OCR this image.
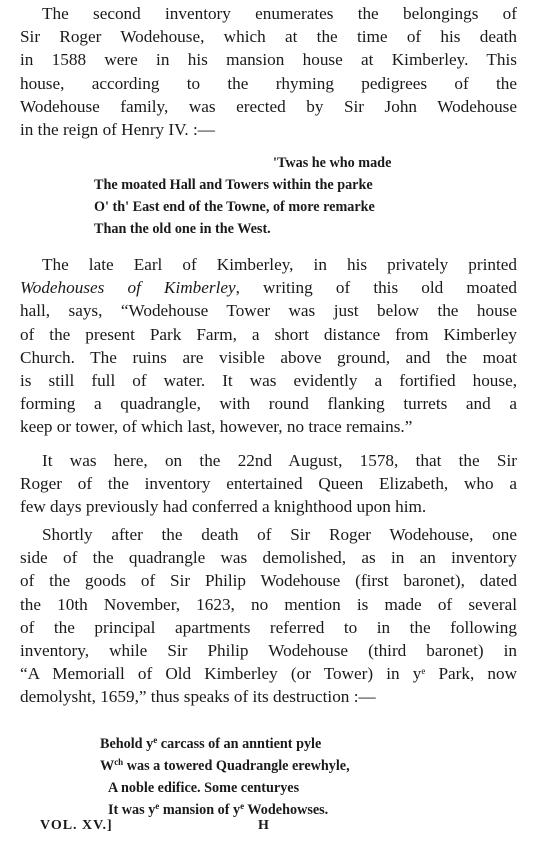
The second inventory enumerates the belongings of
Sir Roger Wodehouse, which at the time of his death
in 1588 were in his mansion house at Kimberley. This
house, according to the rhyming pedigrees of the
Wodehouse family, was erected by Sir John Wodehouse
in the reign of Henry IV. :—
'Twas he who made
The moated Hall and Towers within the parke
O' th' East end of the Towne, of more remarke
Than the old one in the West.
The late Earl of Kimberley, in his privately printed
Wodehouses of Kimberley, writing of this old moated
hall, says, “Wodehouse Tower was just below the house
of the present Park Farm, a short distance from Kimberley
Church. The ruins are visible above ground, and the moat
is still full of water. It was evidently a fortified house,
forming a quadrangle, with round flanking turrets and a
keep or tower, of which last, however, no trace remains.”
It was here, on the 22nd August, 1578, that the Sir
Roger of the inventory entertained Queen Elizabeth, who a
few days previously had conferred a knighthood upon him.
Shortly after the death of Sir Roger Wodehouse, one
side of the quadrangle was demolished, as in an inventory
of the goods of Sir Philip Wodehouse (first baronet), dated
the 10th November, 1623, no mention is made of several
of the principal apartments referred to in the following
inventory, while Sir Philip Wodehouse (third baronet) in
“A Memoriall of Old Kimberley (or Tower) in $y^e$ Park, now
demolysht, 1659,” thus speaks of its destruction :—
Behold $y^e$ carcass of an anntient pyle
$W^{ch}$ was a towered Quadrangle erewhyle,
A noble edifice. Some centuryes
It was $y^e$ mansion of $y^e$ Wodehowses.
VOL. XV.]	H
